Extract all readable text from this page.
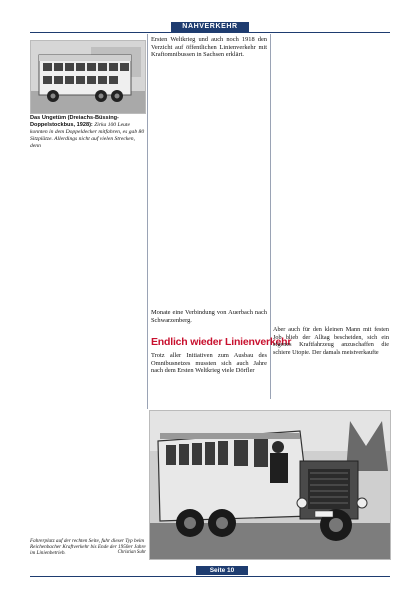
NAHVERKEHR
Das Ungetüm (Dreiachs-Büssing-Doppelstockbus, 1928): Zirka 100 Leute konnten in dem Doppeldecker mitfahren, es gab 80 Sitzplätze. Allerdings nicht auf vielen Strecken, denn
Ersten Weltkrieg und auch noch 1918 den Verzicht auf öffentlichen Linienverkehr mit Kraftomnibussen in Sachsen erklärt.
Monate eine Verbindung von Auerbach nach Schwarzenberg.
Endlich wieder Linienverkehr
Trotz aller Initiativen zum Ausbau des Omnibusnetzes mussten sich auch Jahre nach dem Ersten Weltkrieg viele Dörfler
Aber auch für den kleinen Mann mit festen Job blieb der Alltag bescheiden, sich ein eigenes Kraftfahrzeug anzuschaffen die schiere Utopie. Der damals meistverkaufte
Fahrerplatz auf der rechten Seite, fuhr dieser Typ beim Reichenbacher Kraftverkehr bis Ende der 1950er Jahre im Linienbetrieb.	Christian Suhr
Seite 10
